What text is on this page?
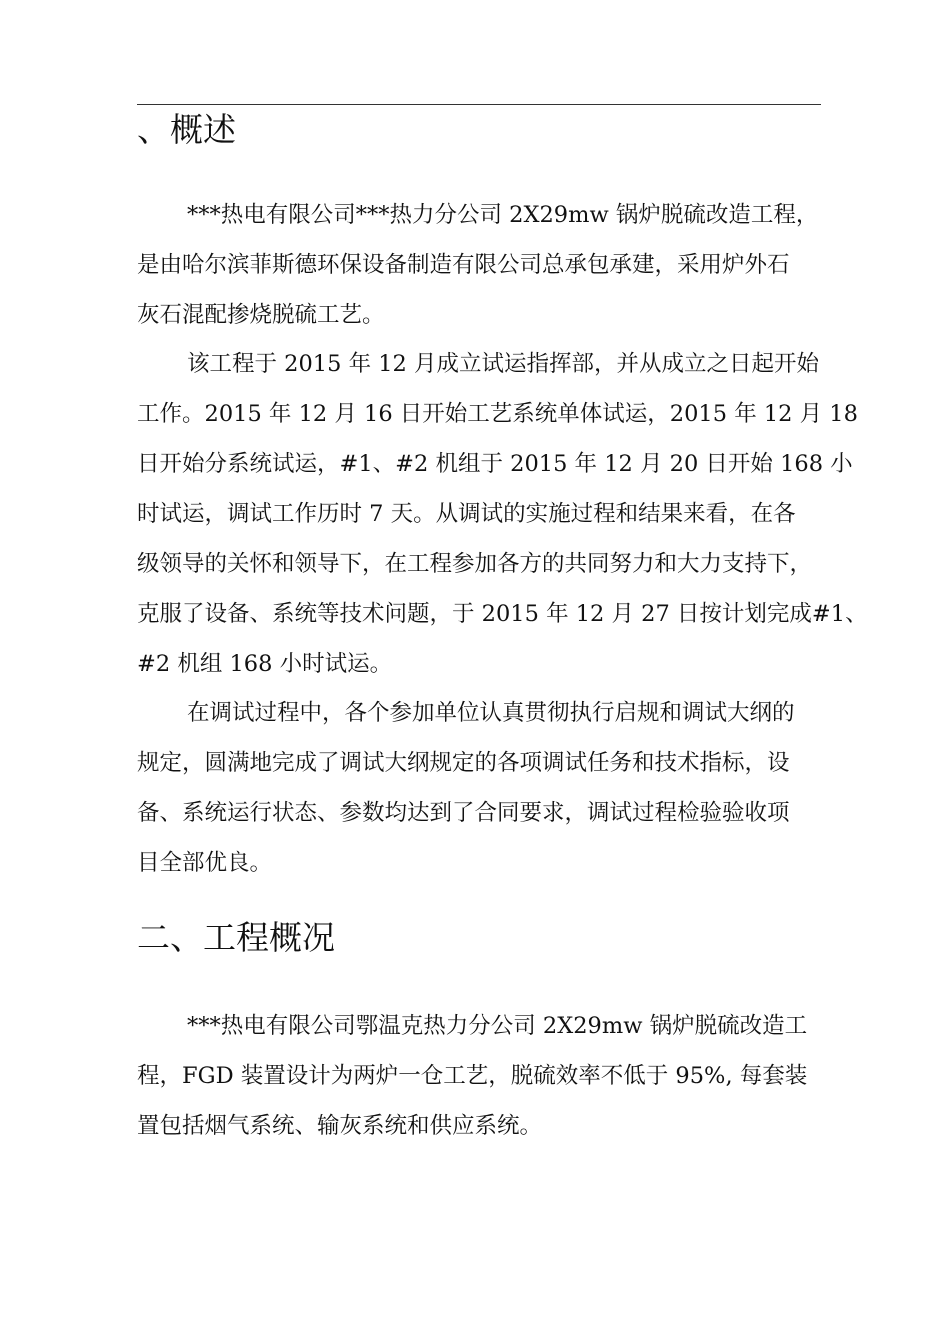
、概述
***热电有限公司***热力分公司 2X29mw 锅炉脱硫改造工程，
是由哈尔滨菲斯德环保设备制造有限公司总承包承建，采用炉外石
灰石混配掺烧脱硫工艺。
该工程于 2015 年 12 月成立试运指挥部，并从成立之日起开始
工作。2015 年 12 月 16 日开始工艺系统单体试运，2015 年 12 月 18
日开始分系统试运，#1、#2 机组于 2015 年 12 月 20 日开始 168 小
时试运，调试工作历时 7 天。从调试的实施过程和结果来看，在各
级领导的关怀和领导下，在工程参加各方的共同努力和大力支持下，
克服了设备、系统等技术问题，于 2015 年 12 月 27 日按计划完成#1、
#2 机组 168 小时试运。
在调试过程中，各个参加单位认真贯彻执行启规和调试大纲的
规定，圆满地完成了调试大纲规定的各项调试任务和技术指标，设
备、系统运行状态、参数均达到了合同要求，调试过程检验验收项
目全部优良。
二、工程概况
***热电有限公司鄂温克热力分公司 2X29mw 锅炉脱硫改造工
程，FGD 装置设计为两炉一仓工艺，脱硫效率不低于 95%, 每套装
置包括烟气系统、输灰系统和供应系统。
